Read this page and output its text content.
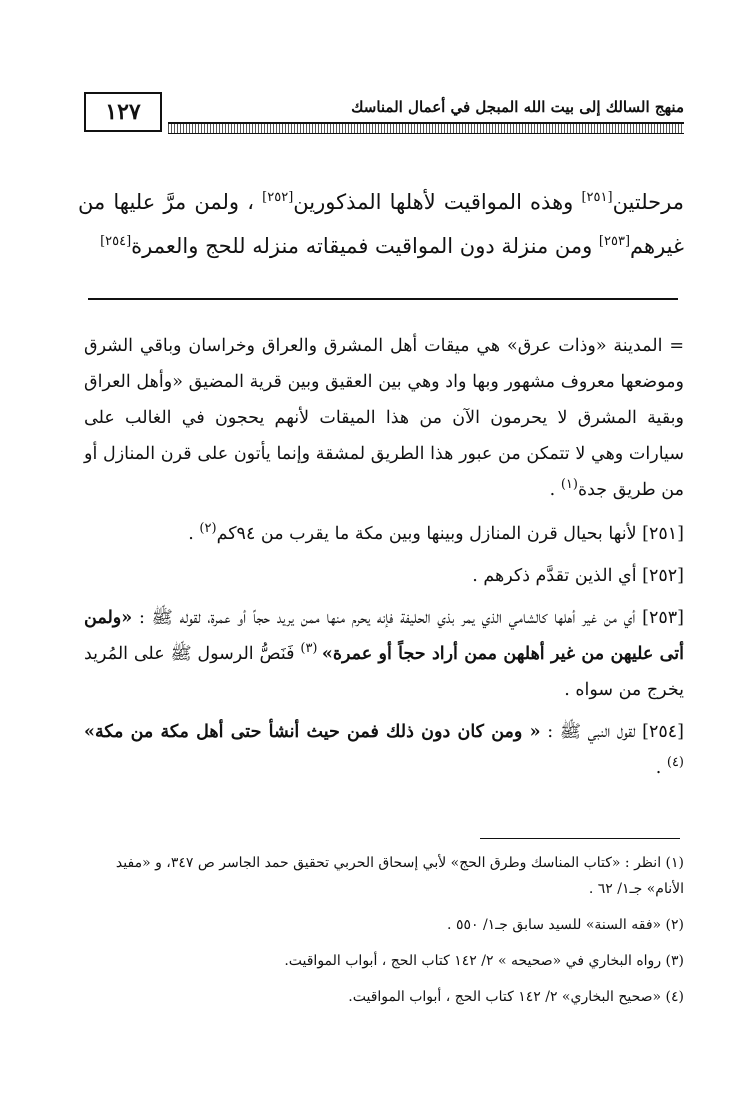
منهج السالك إلى بيت الله المبجل في أعمال المناسك
١٢٧

مرحلتين[٢٥١] وهذه المواقيت لأهلها المذكورين[٢٥٢] ، ولمن مرَّ عليها من غيرهم[٢٥٣] ومن منزلة دون المواقيت فميقاته منزله للحج والعمرة[٢٥٤]

= المدينة «وذات عرق» هي ميقات أهل المشرق والعراق وخراسان وباقي الشرق وموضعها معروف مشهور وبها واد وهي بين العقيق وبين قرية المضيق «وأهل العراق وبقية المشرق لا يحرمون الآن من هذا الميقات لأنهم يحجون في الغالب على سيارات وهي لا تتمكن من عبور هذا الطريق لمشقة وإنما يأتون على قرن المنازل أو من طريق جدة$^{(١)}$ .

[٢٥١] لأنها بحيال قرن المنازل وبينها وبين مكة ما يقرب من ٩٤كم$^{(٢)}$ .

[٢٥٢] أي الذين تقدَّم ذكرهم .

[٢٥٣] أي من غير أهلها كالشامي الذي يمر بذي الحليفة فإنه يحرم منها ممن يريد حجاً أو عمرة، لقوله ﷺ : «ولمن أتى عليهن من غير أهلهن ممن أراد حجاً أو عمرة» $^{(٣)}$ فَنَصُّ الرسول ﷺ على المُريد يخرج من سواه .

[٢٥٤] لقول النبي ﷺ : « ومن كان دون ذلك فمن حيث أنشأ حتى أهل مكة من مكة» $^{(٤)}$ .

(١) انظر : «كتاب المناسك وطرق الحج» لأبي إسحاق الحربي تحقيق حمد الجاسر ص ٣٤٧، و «مفيد الأنام» جـ١/ ٦٢ .

(٢) «فقه السنة» للسيد سابق جـ١/ ٥٥٠ .

(٣) رواه البخاري في «صحيحه » ٢/ ١٤٢ كتاب الحج ، أبواب المواقيت.

(٤) «صحيح البخاري» ٢/ ١٤٢ كتاب الحج ، أبواب المواقيت.
